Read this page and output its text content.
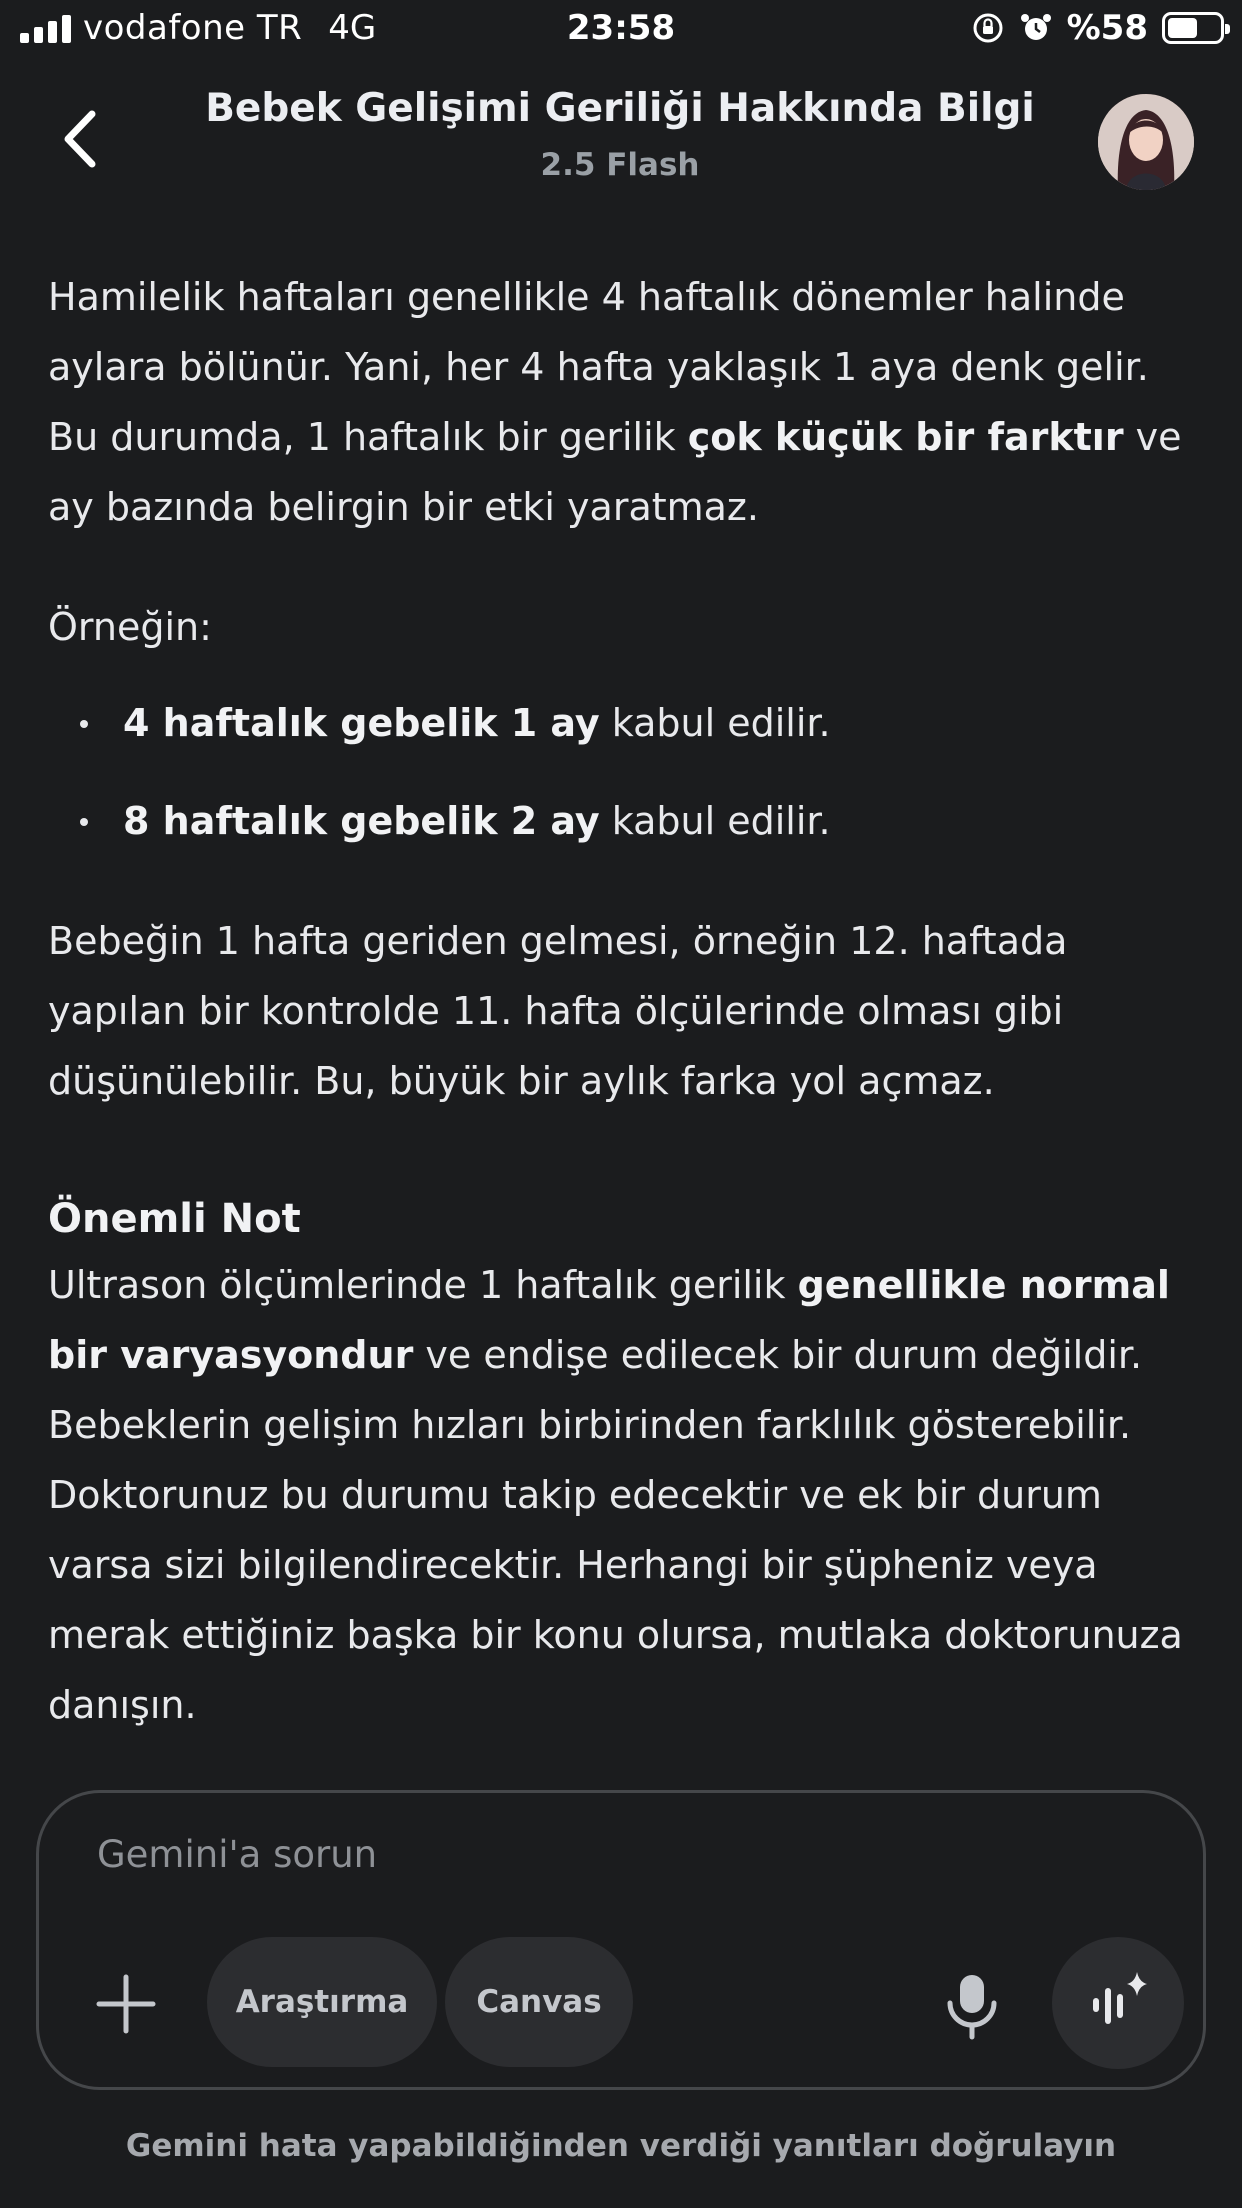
vodafone TR 4G	23:58	%58
Bebek Gelişimi Geriliği Hakkında Bilgi
2.5 Flash

Hamilelik haftaları genellikle 4 haftalık dönemler halinde aylara bölünür. Yani, her 4 hafta yaklaşık 1 aya denk gelir. Bu durumda, 1 haftalık bir gerilik çok küçük bir farktır ve ay bazında belirgin bir etki yaratmaz.

Örneğin:

4 haftalık gebelik 1 ay kabul edilir.
8 haftalık gebelik 2 ay kabul edilir.

Bebeğin 1 hafta geriden gelmesi, örneğin 12. haftada yapılan bir kontrolde 11. hafta ölçülerinde olması gibi düşünülebilir. Bu, büyük bir aylık farka yol açmaz.

Önemli Not

Ultrason ölçümlerinde 1 haftalık gerilik genellikle normal bir varyasyondur ve endişe edilecek bir durum değildir. Bebeklerin gelişim hızları birbirinden farklılık gösterebilir. Doktorunuz bu durumu takip edecektir ve ek bir durum varsa sizi bilgilendirecektir. Herhangi bir şüpheniz veya merak ettiğiniz başka bir konu olursa, mutlaka doktorunuza danışın.

Gemini'a sorun
Araştırma	Canvas
Gemini hata yapabildiğinden verdiği yanıtları doğrulayın
